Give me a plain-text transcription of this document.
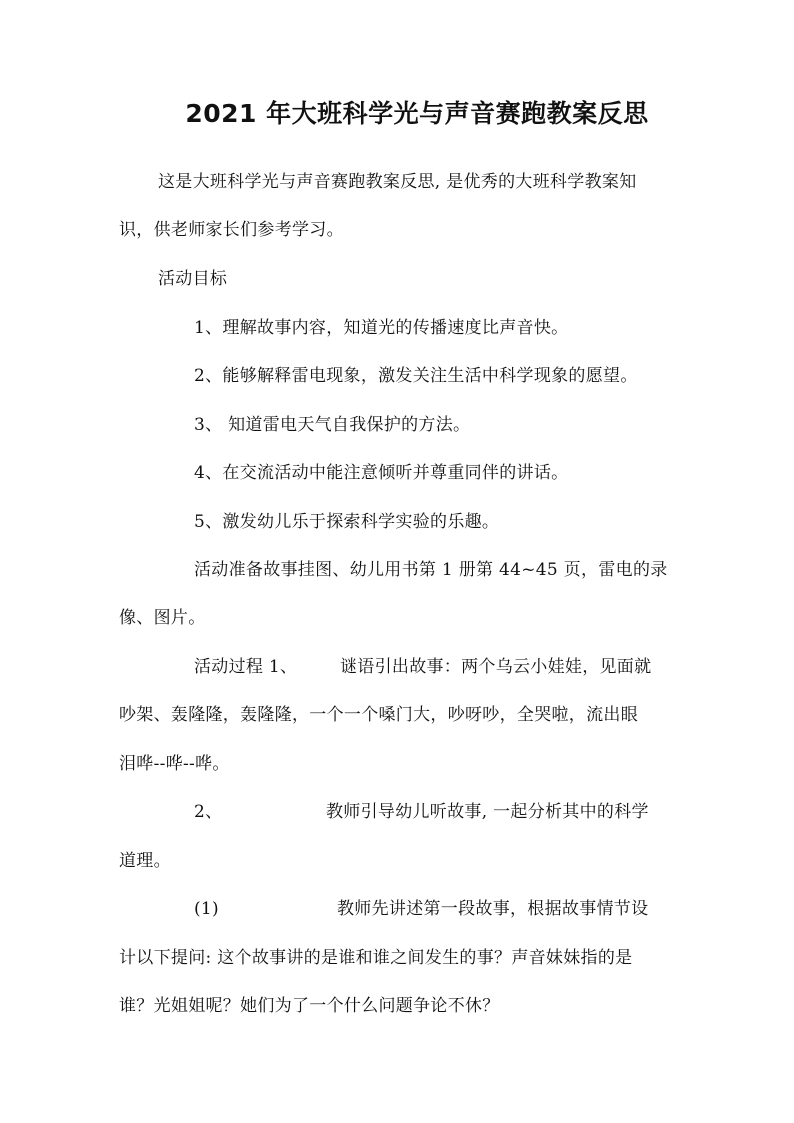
2021 年大班科学光与声音赛跑教案反思
这是大班科学光与声音赛跑教案反思, 是优秀的大班科学教案知
识，供老师家长们参考学习。
活动目标
1、理解故事内容，知道光的传播速度比声音快。
2、能够解释雷电现象，激发关注生活中科学现象的愿望。
3、 知道雷电天气自我保护的方法。
4、在交流活动中能注意倾听并尊重同伴的讲话。
5、激发幼儿乐于探索科学实验的乐趣。
活动准备故事挂图、幼儿用书第 1 册第 44~45 页，雷电的录
像、图片。
活动过程 1、	谜语引出故事：两个乌云小娃娃，见面就
吵架、轰隆隆，轰隆隆，一个一个嗓门大，吵呀吵，全哭啦，流出眼
泪哗--哗--哗。
2、	教师引导幼儿听故事, 一起分析其中的科学
道理。
(1)	教师先讲述第一段故事，根据故事情节设
计以下提问: 这个故事讲的是谁和谁之间发生的事？声音妹妹指的是
谁？光姐姐呢？她们为了一个什么问题争论不休？
